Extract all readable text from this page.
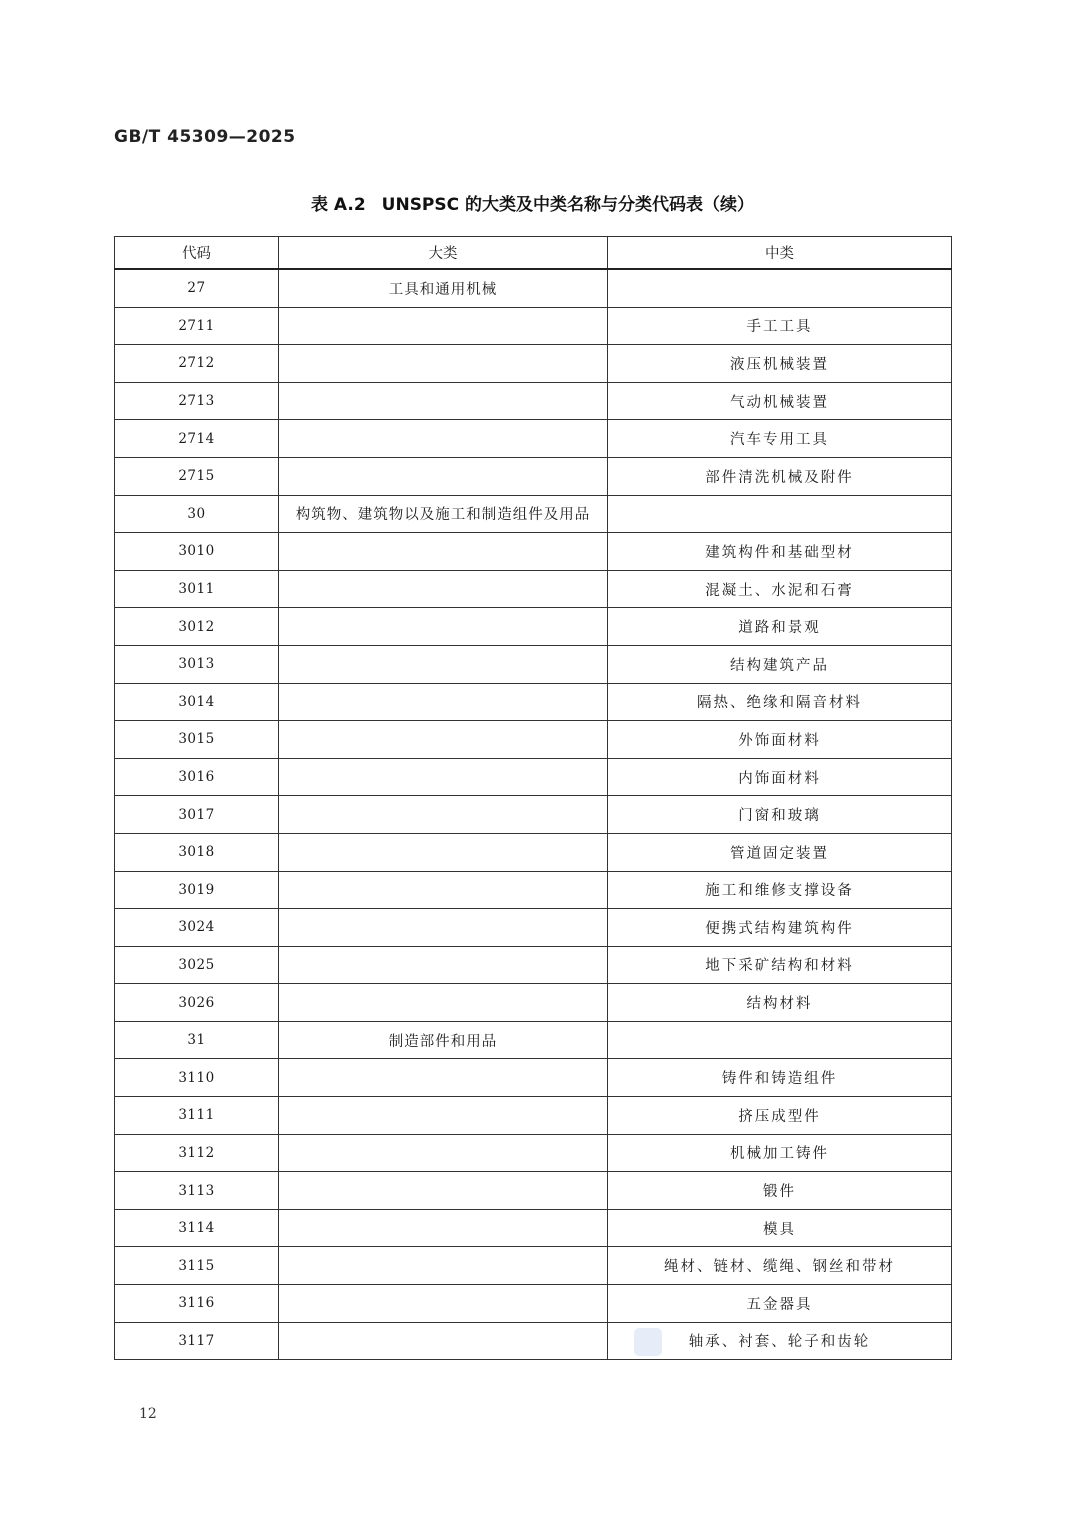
GB/T 45309—2025
表 A.2 UNSPSC 的大类及中类名称与分类代码表（续）
代码	大类	中类
27	工具和通用机械	
2711		手工工具
2712		液压机械装置
2713		气动机械装置
2714		汽车专用工具
2715		部件清洗机械及附件
30	构筑物、建筑物以及施工和制造组件及用品	
3010		建筑构件和基础型材
3011		混凝土、水泥和石膏
3012		道路和景观
3013		结构建筑产品
3014		隔热、绝缘和隔音材料
3015		外饰面材料
3016		内饰面材料
3017		门窗和玻璃
3018		管道固定装置
3019		施工和维修支撑设备
3024		便携式结构建筑构件
3025		地下采矿结构和材料
3026		结构材料
31	制造部件和用品	
3110		铸件和铸造组件
3111		挤压成型件
3112		机械加工铸件
3113		锻件
3114		模具
3115		绳材、链材、缆绳、钢丝和带材
3116		五金器具
3117		轴承、衬套、轮子和齿轮
12
